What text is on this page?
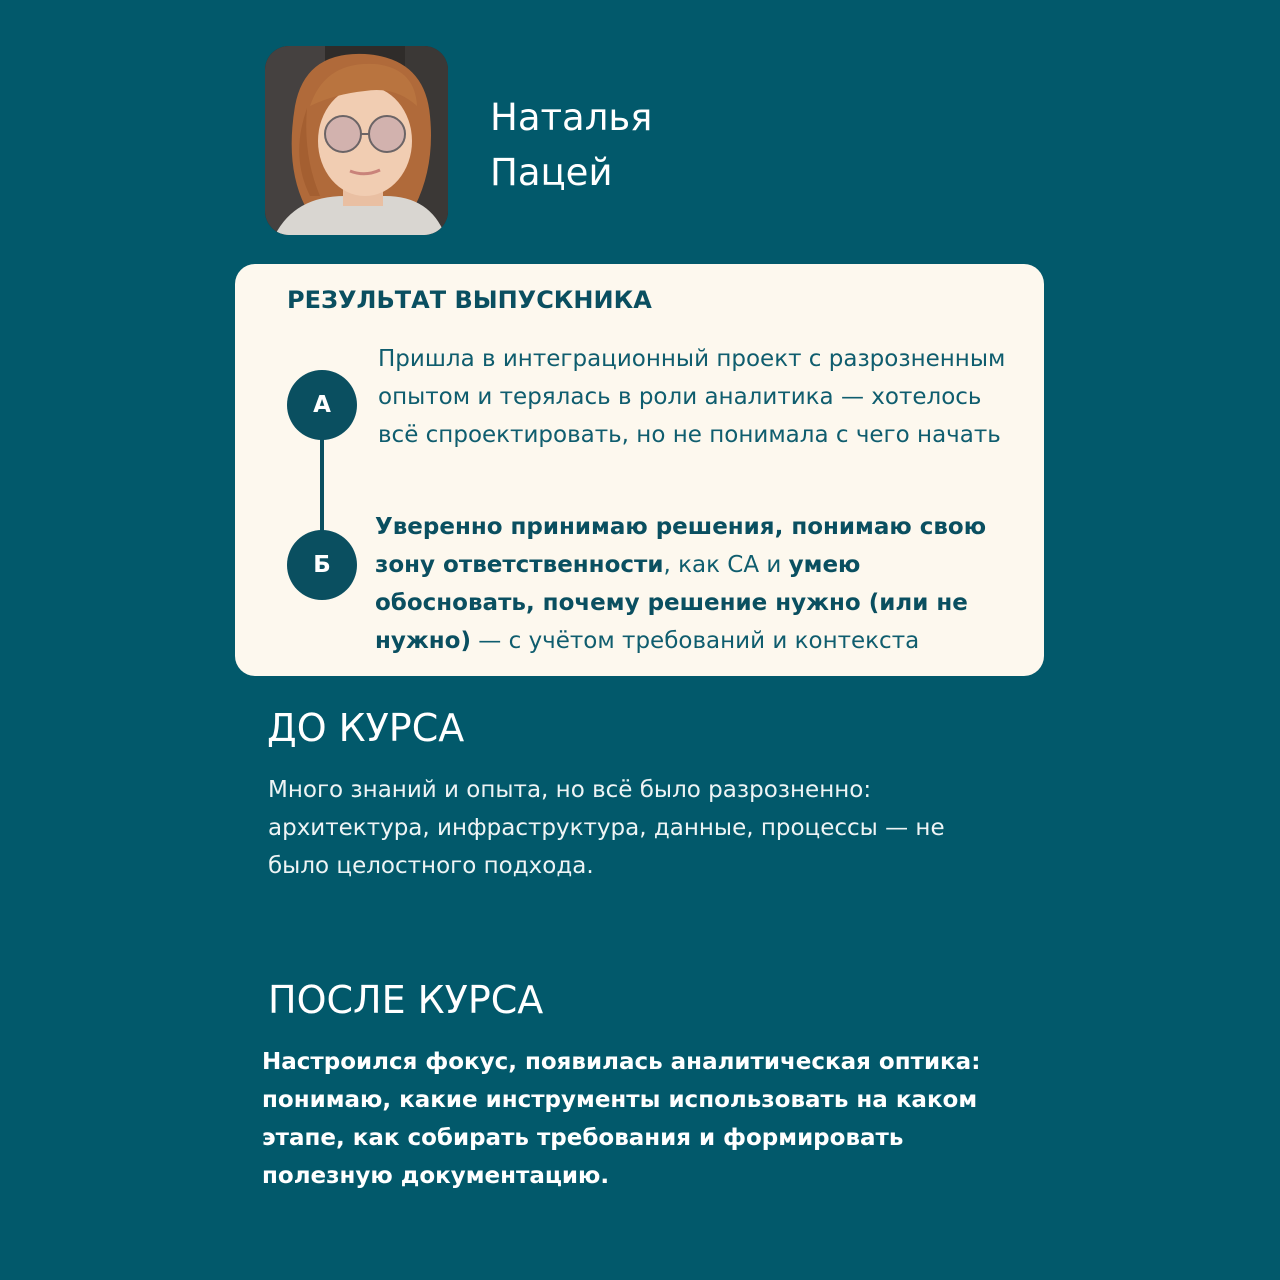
Наталья
Пацей
РЕЗУЛЬТАТ ВЫПУСКНИКА
А
Б
Пришла в интеграционный проект с разрозненным опытом и терялась в роли аналитика — хотелось всё спроектировать, но не понимала с чего начать
Уверенно принимаю решения, понимаю свою зону ответственности, как СА и умею обосновать, почему решение нужно (или не нужно) — с учётом требований и контекста
ДО КУРСА
Много знаний и опыта, но всё было разрозненно: архитектура, инфраструктура, данные, процессы — не было целостного подхода.
ПОСЛЕ КУРСА
Настроился фокус, появилась аналитическая оптика: понимаю, какие инструменты использовать на каком этапе, как собирать требования и формировать полезную документацию.
